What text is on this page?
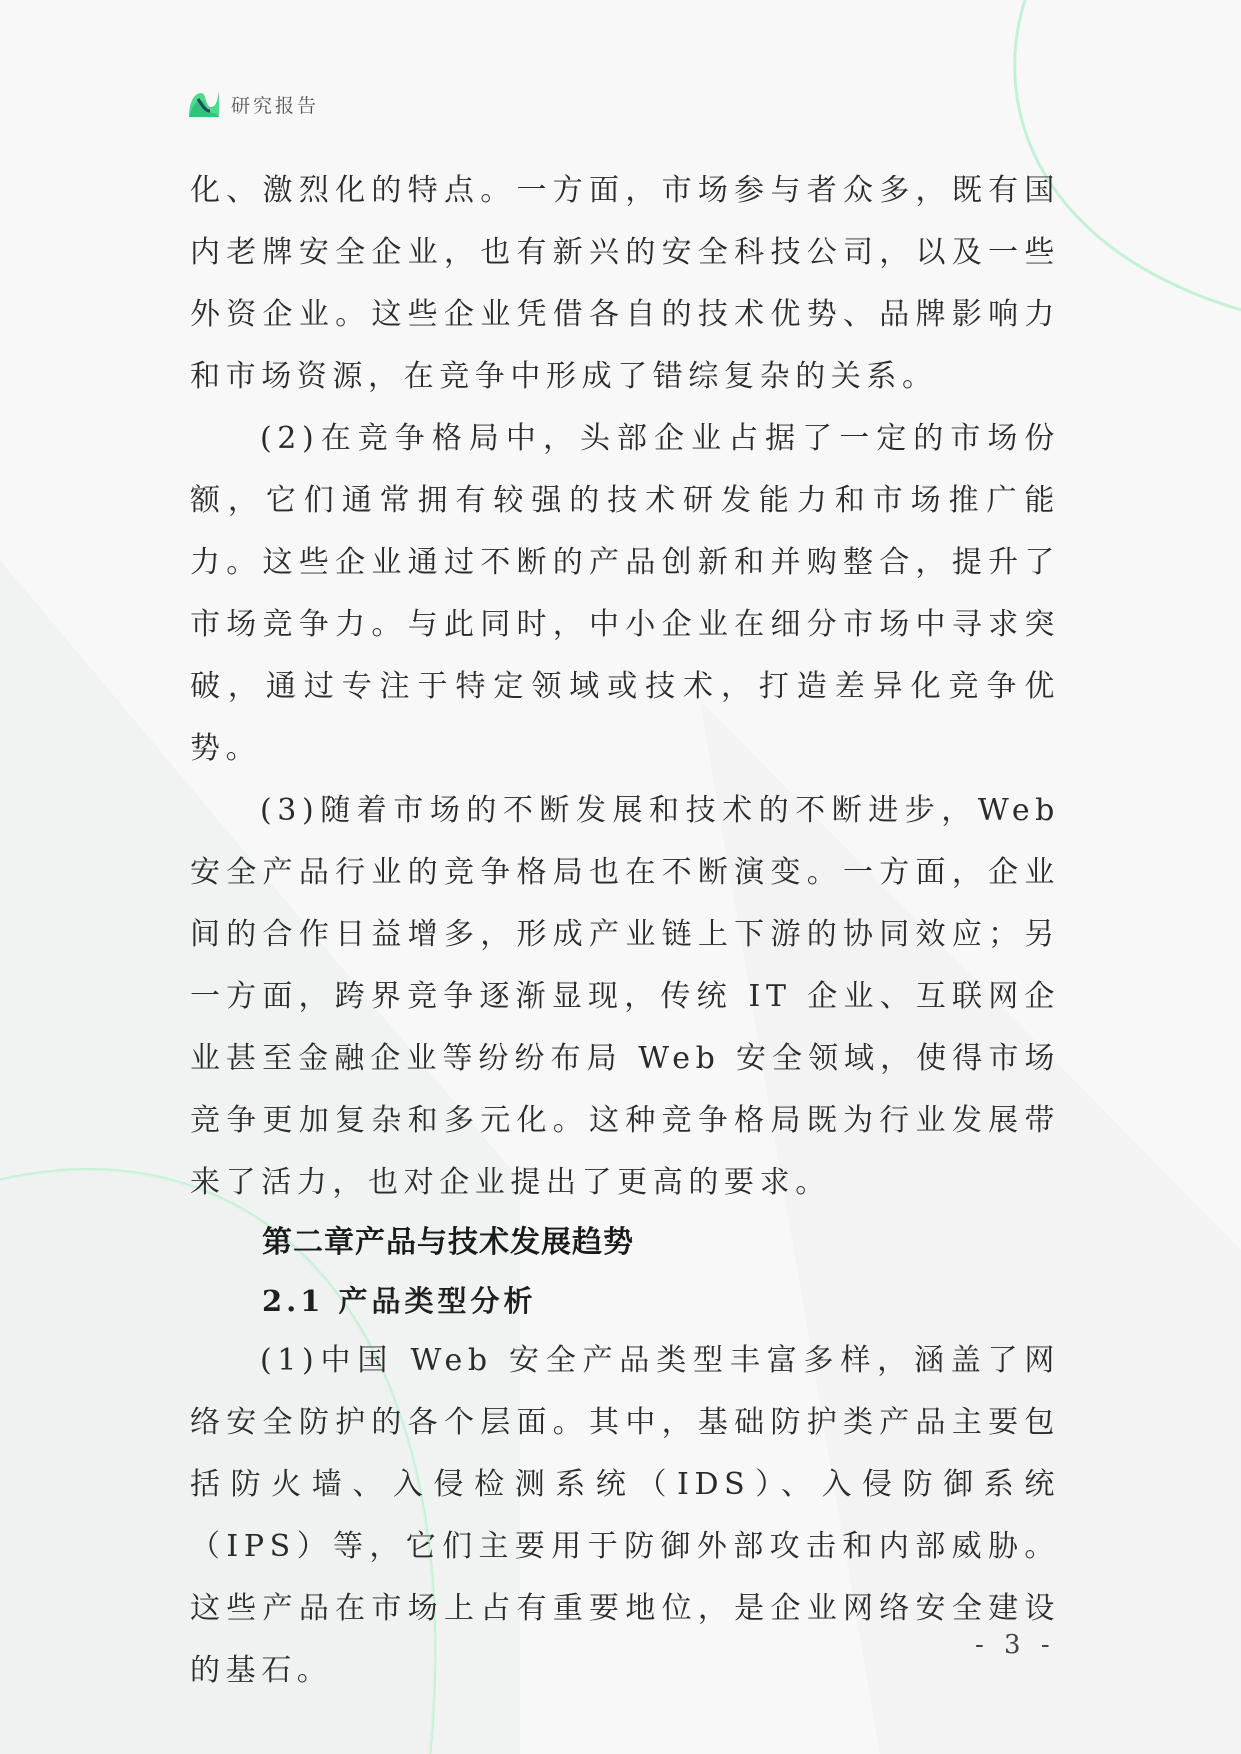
研究报告

化、激烈化的特点。一方面，市场参与者众多，既有国内老牌安全企业，也有新兴的安全科技公司，以及一些外资企业。这些企业凭借各自的技术优势、品牌影响力和市场资源，在竞争中形成了错综复杂的关系。

(2)在竞争格局中，头部企业占据了一定的市场份额，它们通常拥有较强的技术研发能力和市场推广能力。这些企业通过不断的产品创新和并购整合，提升了市场竞争力。与此同时，中小企业在细分市场中寻求突破，通过专注于特定领域或技术，打造差异化竞争优势。

(3)随着市场的不断发展和技术的不断进步，Web 安全产品行业的竞争格局也在不断演变。一方面，企业间的合作日益增多，形成产业链上下游的协同效应；另一方面，跨界竞争逐渐显现，传统 IT 企业、互联网企业甚至金融企业等纷纷布局 Web 安全领域，使得市场竞争更加复杂和多元化。这种竞争格局既为行业发展带来了活力，也对企业提出了更高的要求。

第二章产品与技术发展趋势
2.1 产品类型分析

(1)中国 Web 安全产品类型丰富多样，涵盖了网络安全防护的各个层面。其中，基础防护类产品主要包括防火墙、入侵检测系统（IDS）、入侵防御系统（IPS）等，它们主要用于防御外部攻击和内部威胁。这些产品在市场上占有重要地位，是企业网络安全建设的基石。

- 3 -
